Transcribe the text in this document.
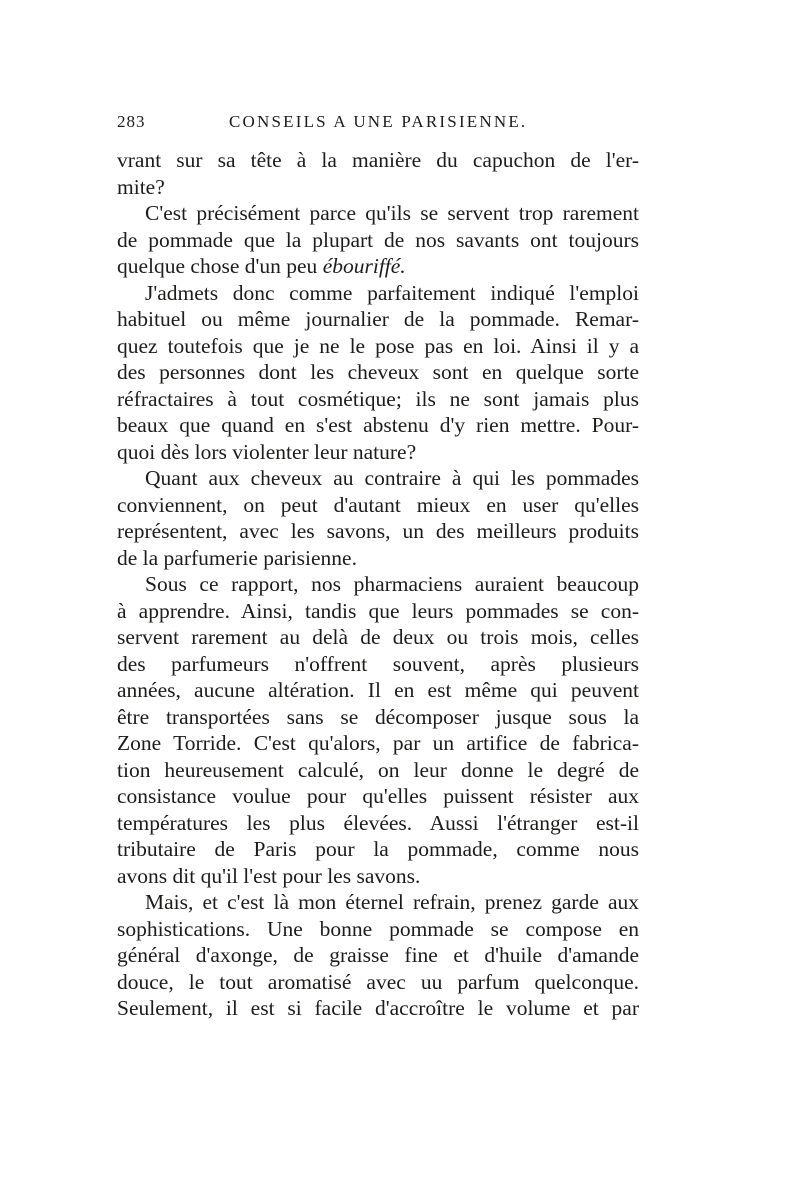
283	CONSEILS A UNE PARISIENNE.
vrant sur sa tête à la manière du capuchon de l'er-
mite?
C'est précisément parce qu'ils se servent trop rarement
de pommade que la plupart de nos savants ont toujours
quelque chose d'un peu ébouriffé.
J'admets donc comme parfaitement indiqué l'emploi
habituel ou même journalier de la pommade. Remar-
quez toutefois que je ne le pose pas en loi. Ainsi il y a
des personnes dont les cheveux sont en quelque sorte
réfractaires à tout cosmétique; ils ne sont jamais plus
beaux que quand en s'est abstenu d'y rien mettre. Pour-
quoi dès lors violenter leur nature?
Quant aux cheveux au contraire à qui les pommades
conviennent, on peut d'autant mieux en user qu'elles
représentent, avec les savons, un des meilleurs produits
de la parfumerie parisienne.
Sous ce rapport, nos pharmaciens auraient beaucoup
à apprendre. Ainsi, tandis que leurs pommades se con-
servent rarement au delà de deux ou trois mois, celles
des parfumeurs n'offrent souvent, après plusieurs
années, aucune altération. Il en est même qui peuvent
être transportées sans se décomposer jusque sous la
Zone Torride. C'est qu'alors, par un artifice de fabrica-
tion heureusement calculé, on leur donne le degré de
consistance voulue pour qu'elles puissent résister aux
températures les plus élevées. Aussi l'étranger est-il
tributaire de Paris pour la pommade, comme nous
avons dit qu'il l'est pour les savons.
Mais, et c'est là mon éternel refrain, prenez garde aux
sophistications. Une bonne pommade se compose en
général d'axonge, de graisse fine et d'huile d'amande
douce, le tout aromatisé avec uu parfum quelconque.
Seulement, il est si facile d'accroître le volume et par
